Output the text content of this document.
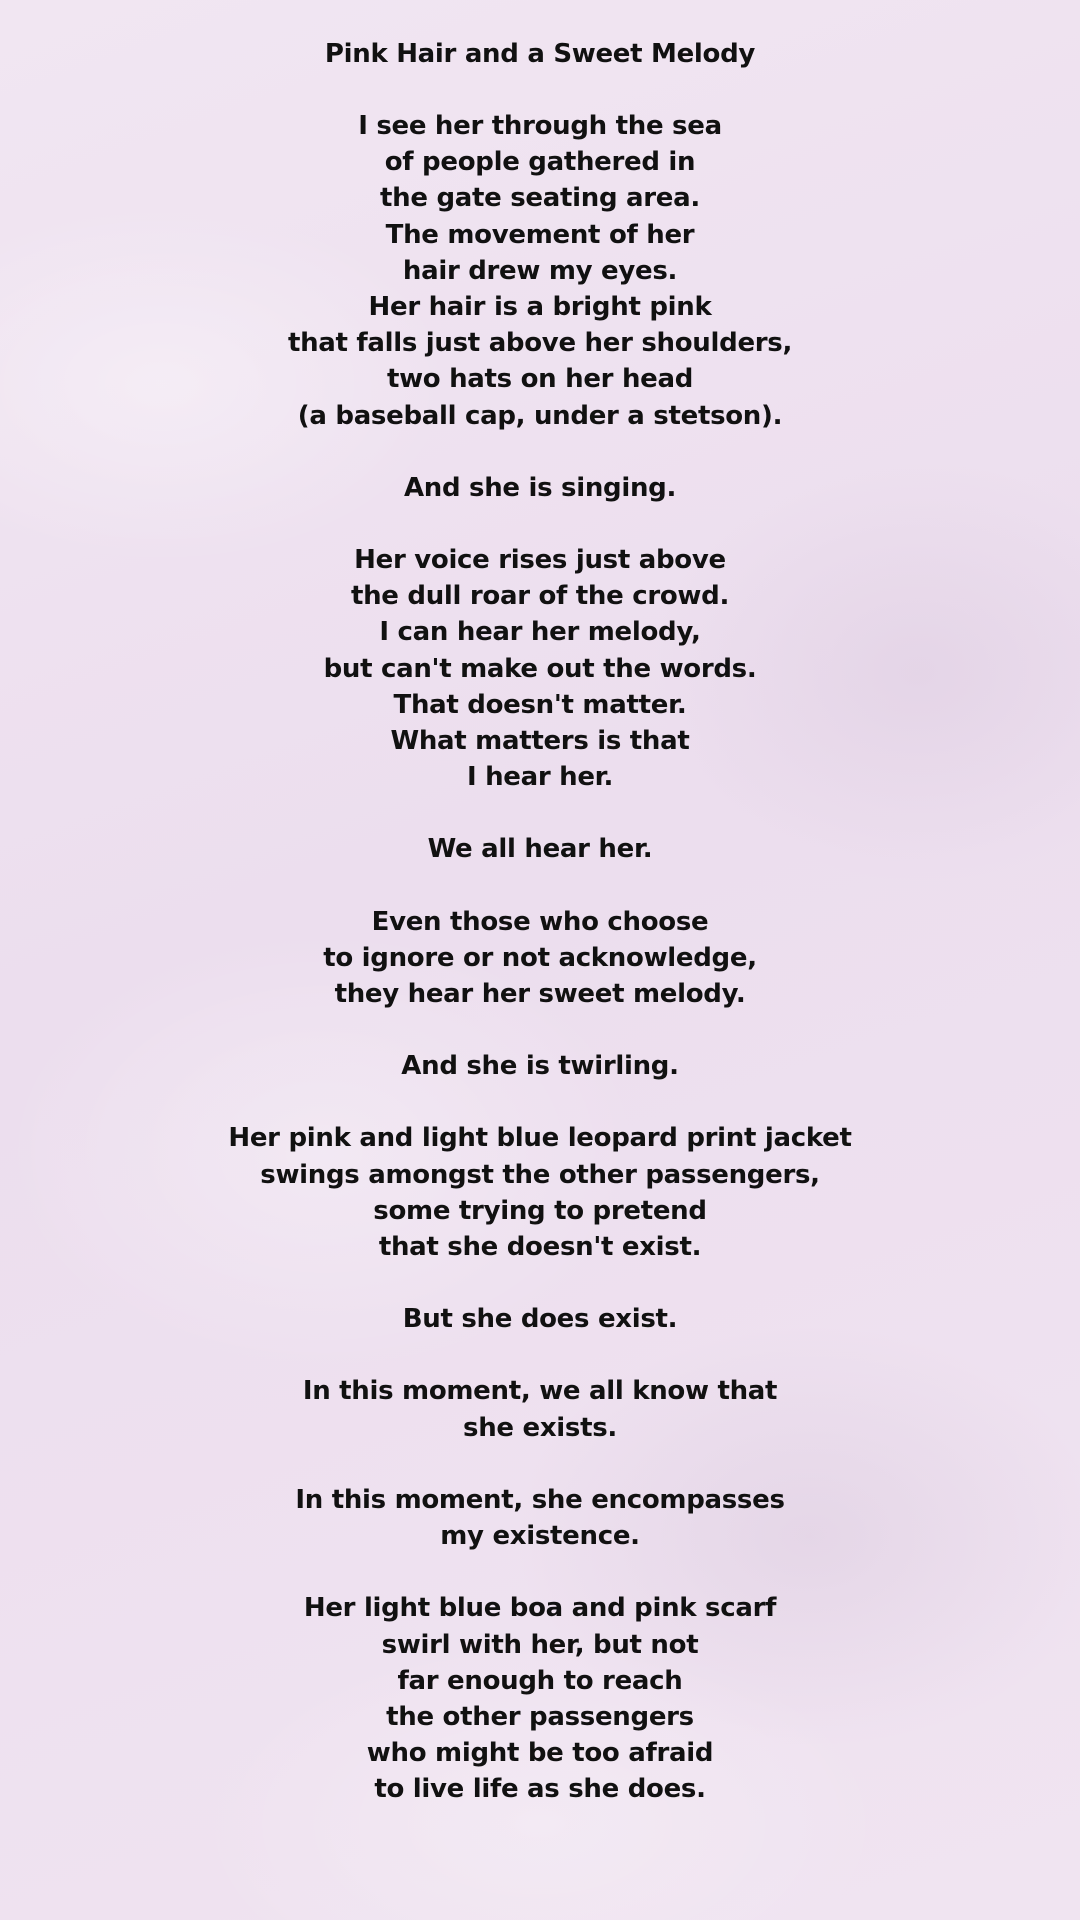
Pink Hair and a Sweet Melody
I see her through the sea
of people gathered in
the gate seating area.
The movement of her
hair drew my eyes.
Her hair is a bright pink
that falls just above her shoulders,
two hats on her head
(a baseball cap, under a stetson).
And she is singing.
Her voice rises just above
the dull roar of the crowd.
I can hear her melody,
but can't make out the words.
That doesn't matter.
What matters is that
I hear her.
We all hear her.
Even those who choose
to ignore or not acknowledge,
they hear her sweet melody.
And she is twirling.
Her pink and light blue leopard print jacket
swings amongst the other passengers,
some trying to pretend
that she doesn't exist.
But she does exist.
In this moment, we all know that
she exists.
In this moment, she encompasses
my existence.
Her light blue boa and pink scarf
swirl with her, but not
far enough to reach
the other passengers
who might be too afraid
to live life as she does.
